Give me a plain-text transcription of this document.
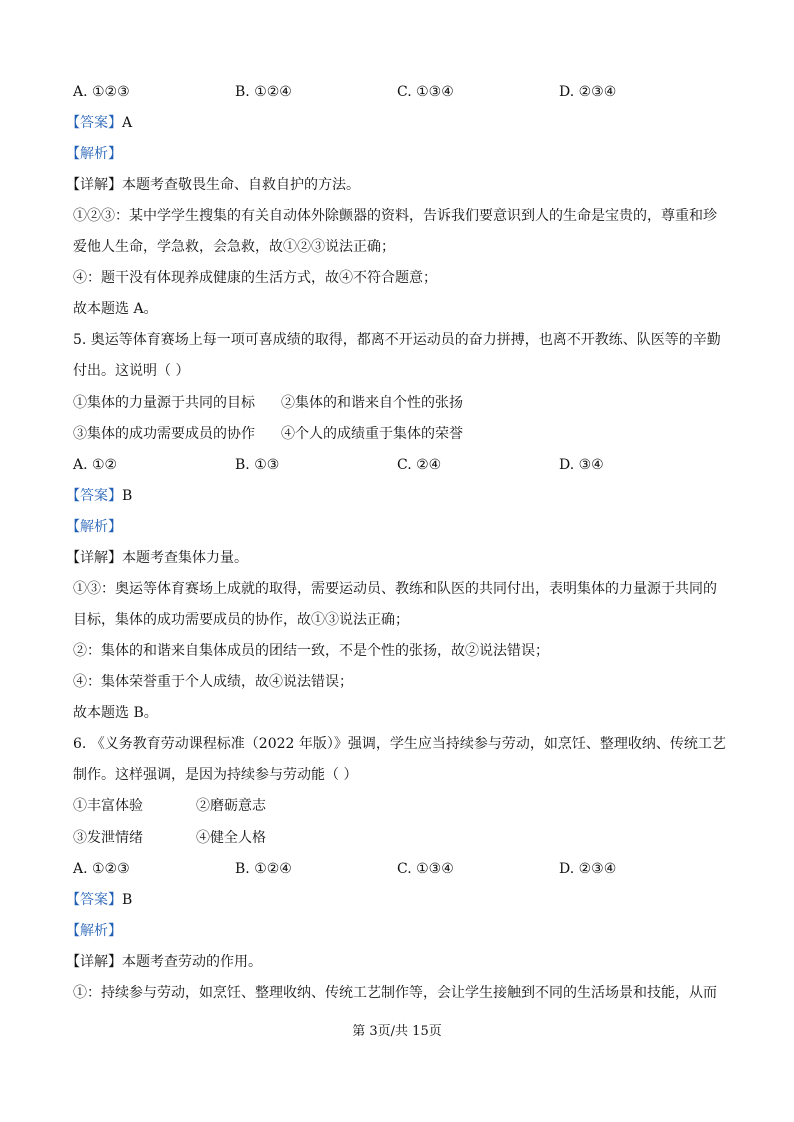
A. ①②③	B. ①②④	C. ①③④	D. ②③④
【答案】A
【解析】
【详解】本题考查敬畏生命、自救自护的方法。
①②③：某中学学生搜集的有关自动体外除颤器的资料，告诉我们要意识到人的生命是宝贵的，尊重和珍
爱他人生命，学急救，会急救，故①②③说法正确；
④：题干没有体现养成健康的生活方式，故④不符合题意；
故本题选 A。
5. 奥运等体育赛场上每一项可喜成绩的取得，都离不开运动员的奋力拼搏，也离不开教练、队医等的辛勤
付出。这说明（ ）
①集体的力量源于共同的目标 ②集体的和谐来自个性的张扬
③集体的成功需要成员的协作 ④个人的成绩重于集体的荣誉
A. ①②	B. ①③	C. ②④	D. ③④
【答案】B
【解析】
【详解】本题考查集体力量。
①③：奥运等体育赛场上成就的取得，需要运动员、教练和队医的共同付出，表明集体的力量源于共同的
目标，集体的成功需要成员的协作，故①③说法正确；
②：集体的和谐来自集体成员的团结一致，不是个性的张扬，故②说法错误；
④：集体荣誉重于个人成绩，故④说法错误；
故本题选 B。
6. 《义务教育劳动课程标准（2022 年版）》强调，学生应当持续参与劳动，如烹饪、整理收纳、传统工艺
制作。这样强调，是因为持续参与劳动能（ ）
①丰富体验	②磨砺意志
③发泄情绪	④健全人格
A. ①②③	B. ①②④	C. ①③④	D. ②③④
【答案】B
【解析】
【详解】本题考查劳动的作用。
①：持续参与劳动，如烹饪、整理收纳、传统工艺制作等，会让学生接触到不同的生活场景和技能，从而
第 3页/共 15页
